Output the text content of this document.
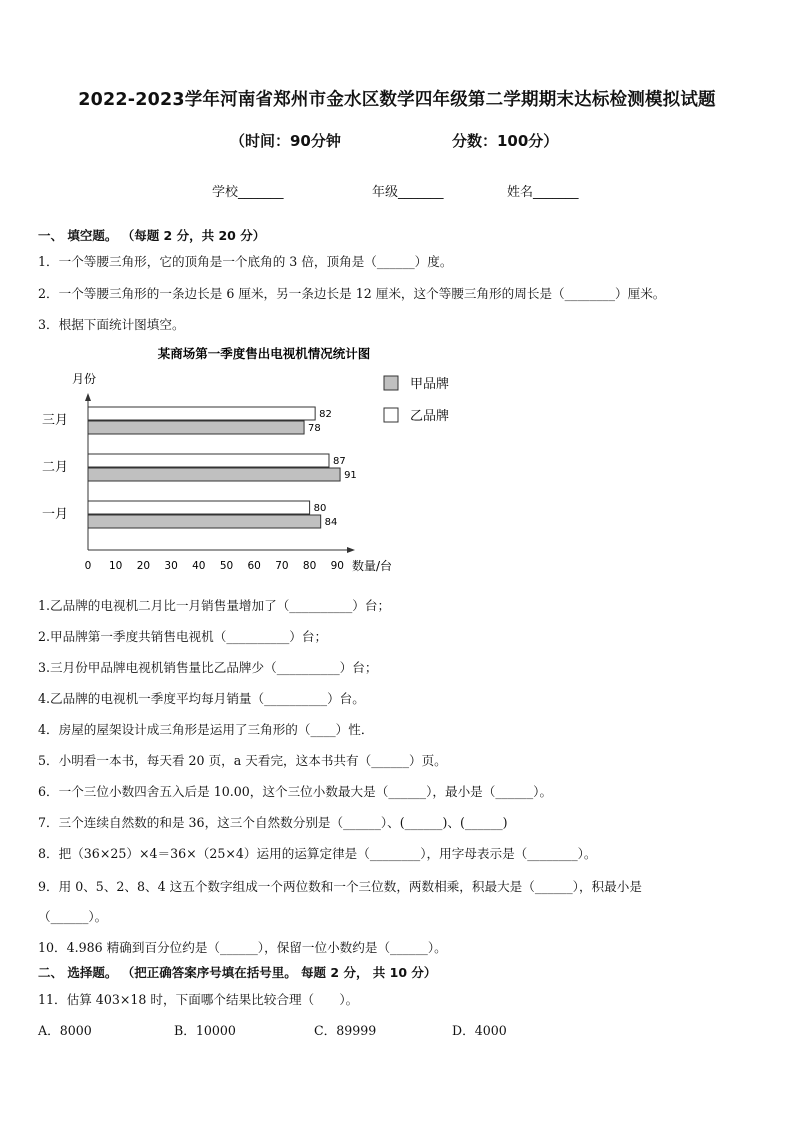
2022-2023学年河南省郑州市金水区数学四年级第二学期期末达标检测模拟试题
（时间：90分钟	分数：100分）
学校_______	年级_______	姓名_______
一、 填空题。 （每题 2 分，共 20 分）
1．一个等腰三角形，它的顶角是一个底角的 3 倍，顶角是（______）度。
2．一个等腰三角形的一条边长是 6 厘米，另一条边长是 12 厘米，这个等腰三角形的周长是（________）厘米。
3．根据下面统计图填空。
某商场第一季度售出电视机情况统计图
月份
数量/台
三月	82
78
二月	87
91
一月	80
84
0 10 20 30 40 50 60 70 80 90
甲品牌
乙品牌
1.乙品牌的电视机二月比一月销售量增加了（__________）台；
2.甲品牌第一季度共销售电视机（__________）台；
3.三月份甲品牌电视机销售量比乙品牌少（__________）台；
4.乙品牌的电视机一季度平均每月销量（__________）台。
4．房屋的屋架设计成三角形是运用了三角形的（____）性．
5．小明看一本书，每天看 20 页，a 天看完，这本书共有（______）页。
6．一个三位小数四舍五入后是 10.00，这个三位小数最大是（______），最小是（______）。
7．三个连续自然数的和是 36，这三个自然数分别是（______）、(______)、(______)
8．把（36×25）×4＝36×（25×4）运用的运算定律是（________），用字母表示是（________）。
9．用 0、5、2、8、4 这五个数字组成一个两位数和一个三位数，两数相乘，积最大是（______），积最小是
（______）。
10．4.986 精确到百分位约是（______），保留一位小数约是（______）。
二、 选择题。 （把正确答案序号填在括号里。 每题 2 分， 共 10 分）
11．估算 403×18 时，下面哪个结果比较合理（　　）。
A．8000	B．10000	C．89999	D．4000
